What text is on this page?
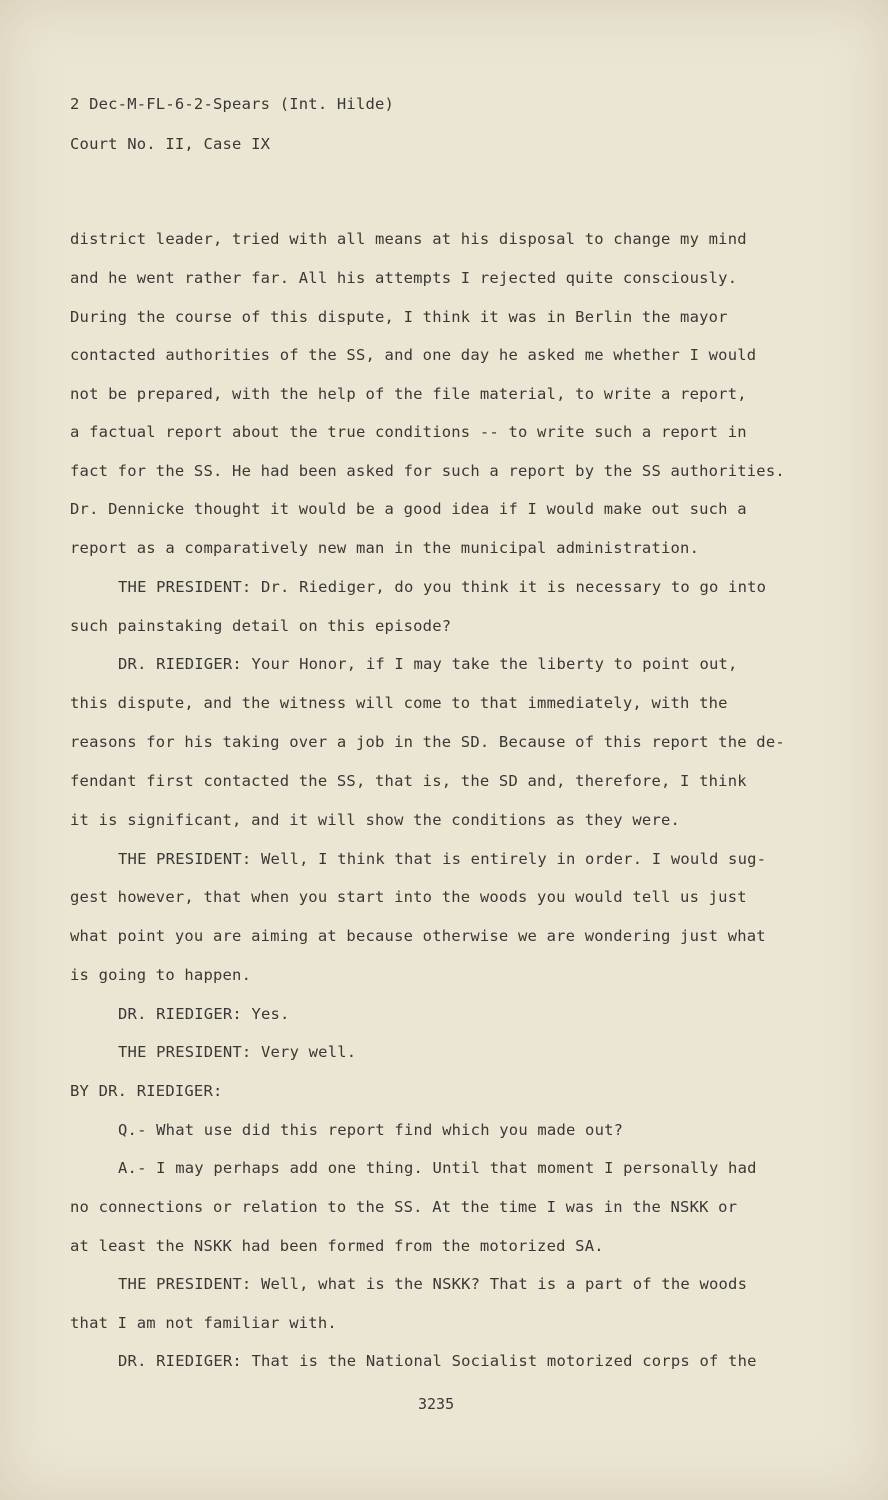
2 Dec-M-FL-6-2-Spears (Int. Hilde)
Court No. II, Case IX
district leader, tried with all means at his disposal to change my mind
and he went rather far. All his attempts I rejected quite consciously.
During the course of this dispute, I think it was in Berlin the mayor
contacted authorities of the SS, and one day he asked me whether I would
not be prepared, with the help of the file material, to write a report,
a factual report about the true conditions -- to write such a report in
fact for the SS. He had been asked for such a report by the SS authorities.
Dr. Dennicke thought it would be a good idea if I would make out such a
report as a comparatively new man in the municipal administration.
THE PRESIDENT: Dr. Riediger, do you think it is necessary to go into
such painstaking detail on this episode?
DR. RIEDIGER: Your Honor, if I may take the liberty to point out,
this dispute, and the witness will come to that immediately, with the
reasons for his taking over a job in the SD. Because of this report the de-
fendant first contacted the SS, that is, the SD and, therefore, I think
it is significant, and it will show the conditions as they were.
THE PRESIDENT: Well, I think that is entirely in order. I would sug-
gest however, that when you start into the woods you would tell us just
what point you are aiming at because otherwise we are wondering just what
is going to happen.
DR. RIEDIGER: Yes.
THE PRESIDENT: Very well.
BY DR. RIEDIGER:
Q.- What use did this report find which you made out?
A.- I may perhaps add one thing. Until that moment I personally had
no connections or relation to the SS. At the time I was in the NSKK or
at least the NSKK had been formed from the motorized SA.
THE PRESIDENT: Well, what is the NSKK? That is a part of the woods
that I am not familiar with.
DR. RIEDIGER: That is the National Socialist motorized corps of the
3235
